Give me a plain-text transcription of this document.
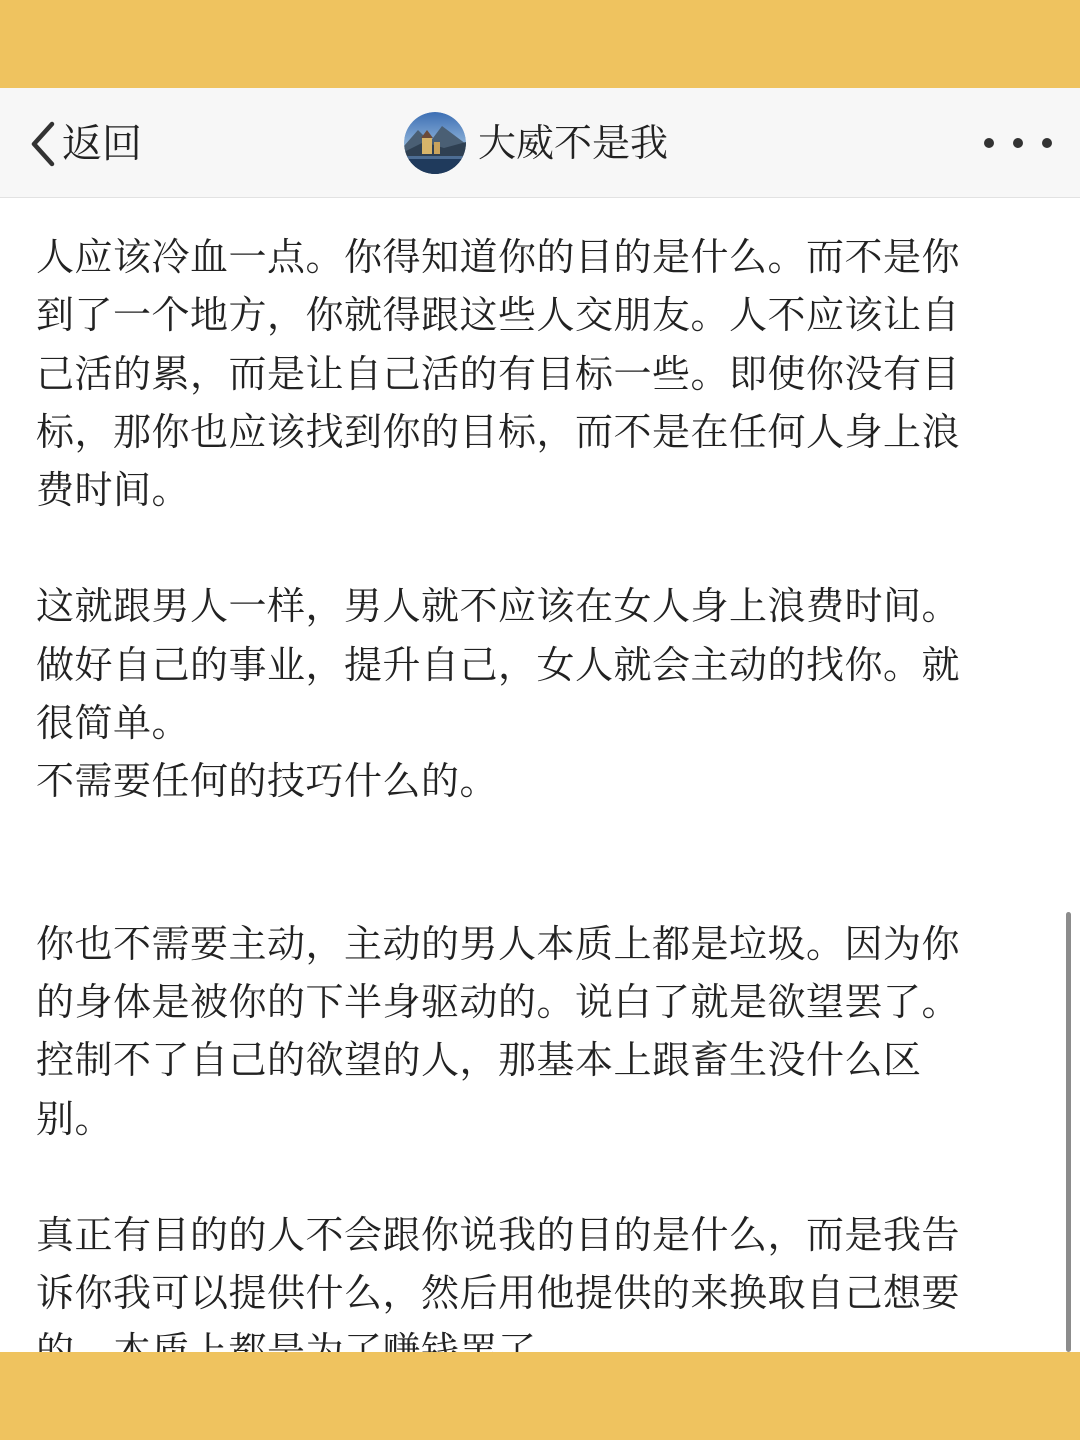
返回	大威不是我

人应该冷血一点。你得知道你的目的是什么。而不是你
到了一个地方，你就得跟这些人交朋友。人不应该让自
己活的累，而是让自己活的有目标一些。即使你没有目
标，那你也应该找到你的目标，而不是在任何人身上浪
费时间。

这就跟男人一样，男人就不应该在女人身上浪费时间。
做好自己的事业，提升自己，女人就会主动的找你。就
很简单。
不需要任何的技巧什么的。

你也不需要主动，主动的男人本质上都是垃圾。因为你
的身体是被你的下半身驱动的。说白了就是欲望罢了。
控制不了自己的欲望的人，那基本上跟畜生没什么区
别。

真正有目的的人不会跟你说我的目的是什么，而是我告
诉你我可以提供什么，然后用他提供的来换取自己想要
